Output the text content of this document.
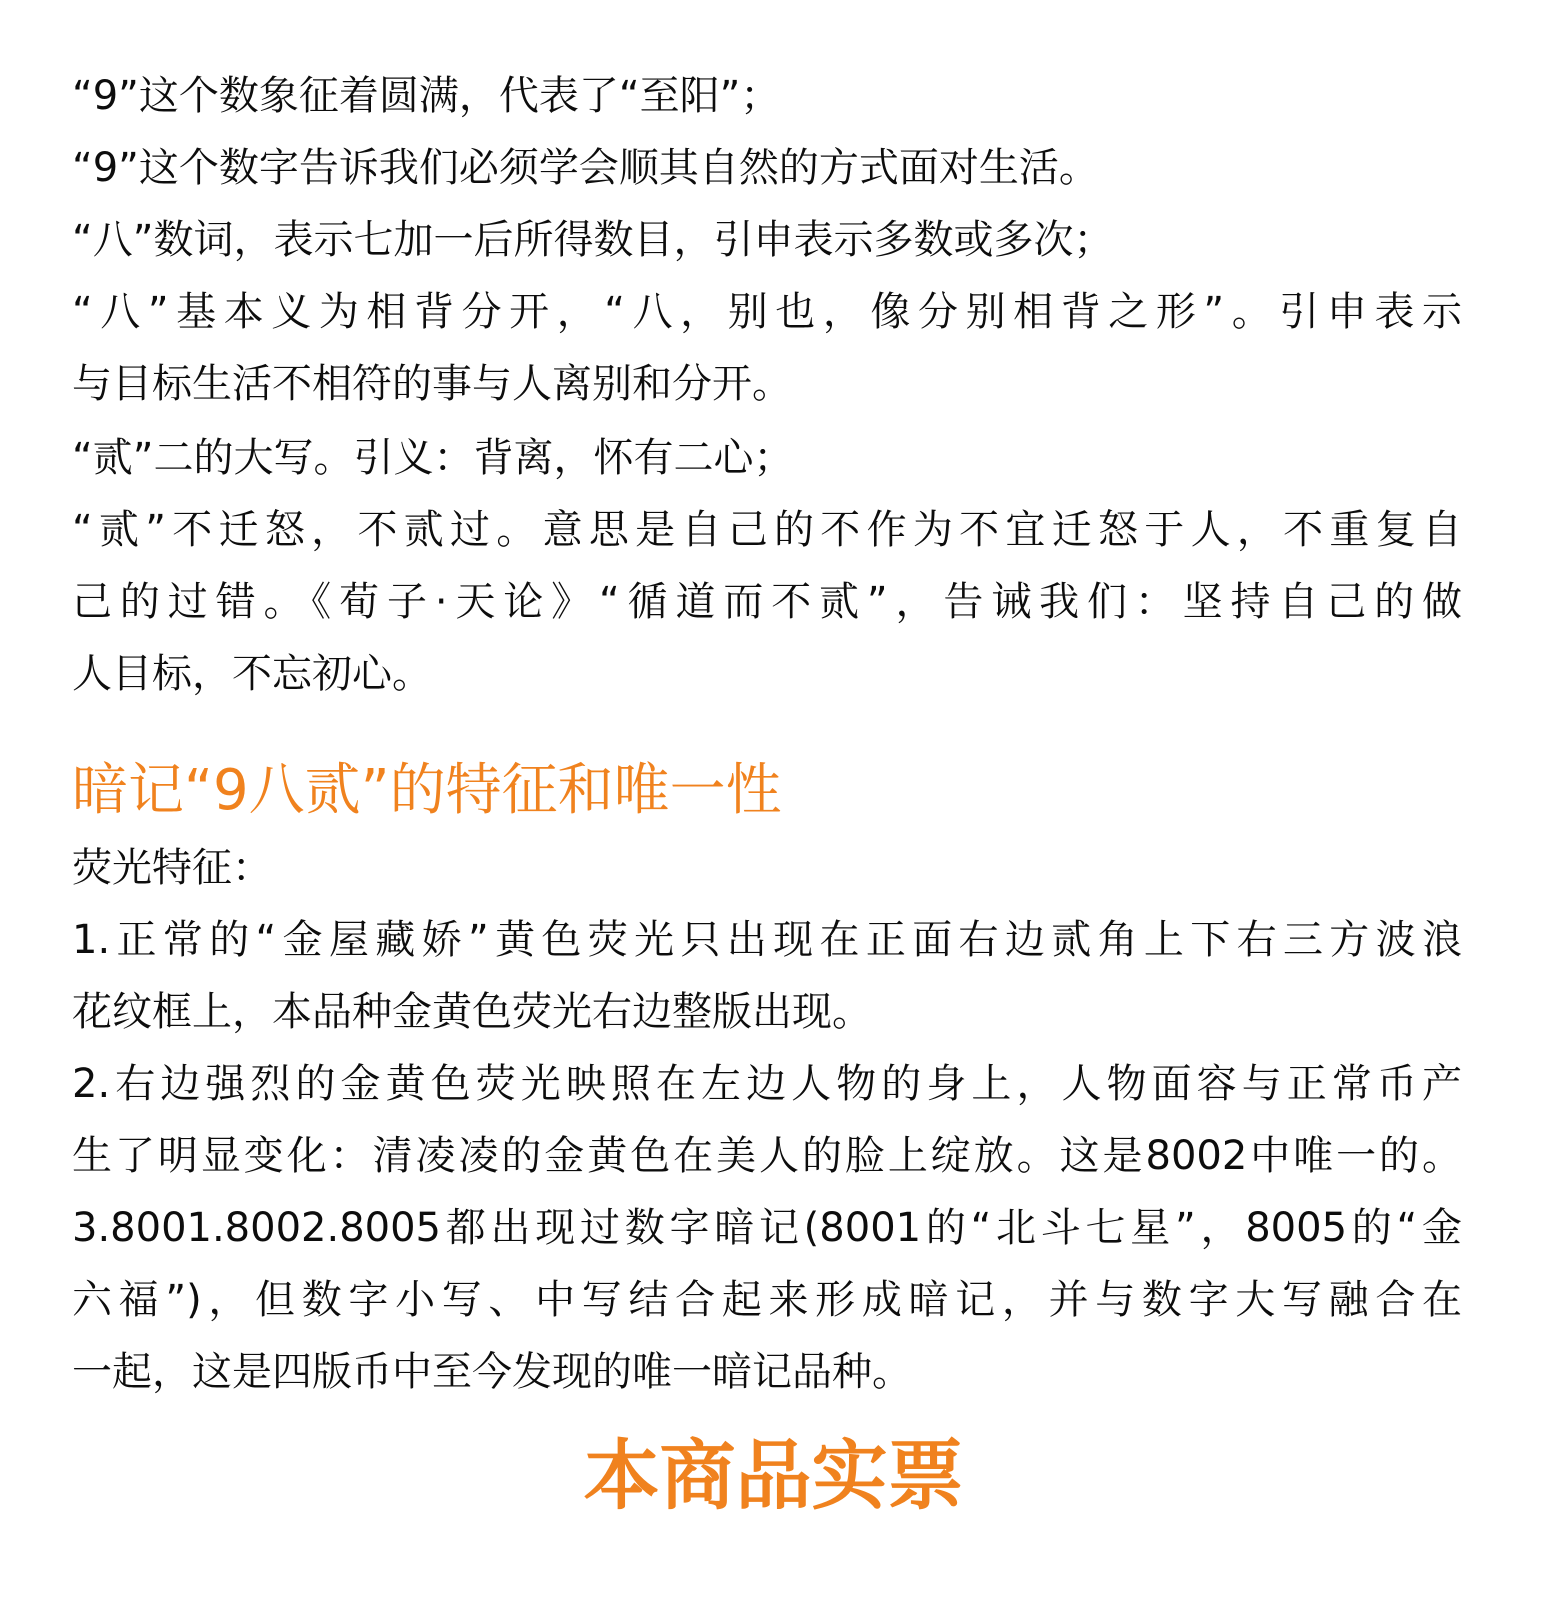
“9”这个数象征着圆满，代表了“至阳”；
“9”这个数字告诉我们必须学会顺其自然的方式面对生活。
“八”数词，表示七加一后所得数目，引申表示多数或多次；
“八”基本义为相背分开，“八，别也，像分别相背之形”。引申表示
与目标生活不相符的事与人离别和分开。
“贰”二的大写。引义：背离，怀有二心；
“贰”不迁怒，不贰过。意思是自己的不作为不宜迁怒于人，不重复自
己的过错。《荀子·天论》“循道而不贰”，告诫我们：坚持自己的做
人目标，不忘初心。
暗记“9八贰”的特征和唯一性
荧光特征：
1.正常的“金屋藏娇”黄色荧光只出现在正面右边贰角上下右三方波浪
花纹框上，本品种金黄色荧光右边整版出现。
2.右边强烈的金黄色荧光映照在左边人物的身上，人物面容与正常币产
生了明显变化：清凌凌的金黄色在美人的脸上绽放。这是8002中唯一的。
3.8001.8002.8005都出现过数字暗记(8001的“北斗七星”，8005的“金
六福”)，但数字小写、中写结合起来形成暗记，并与数字大写融合在
一起，这是四版币中至今发现的唯一暗记品种。
本商品实票
